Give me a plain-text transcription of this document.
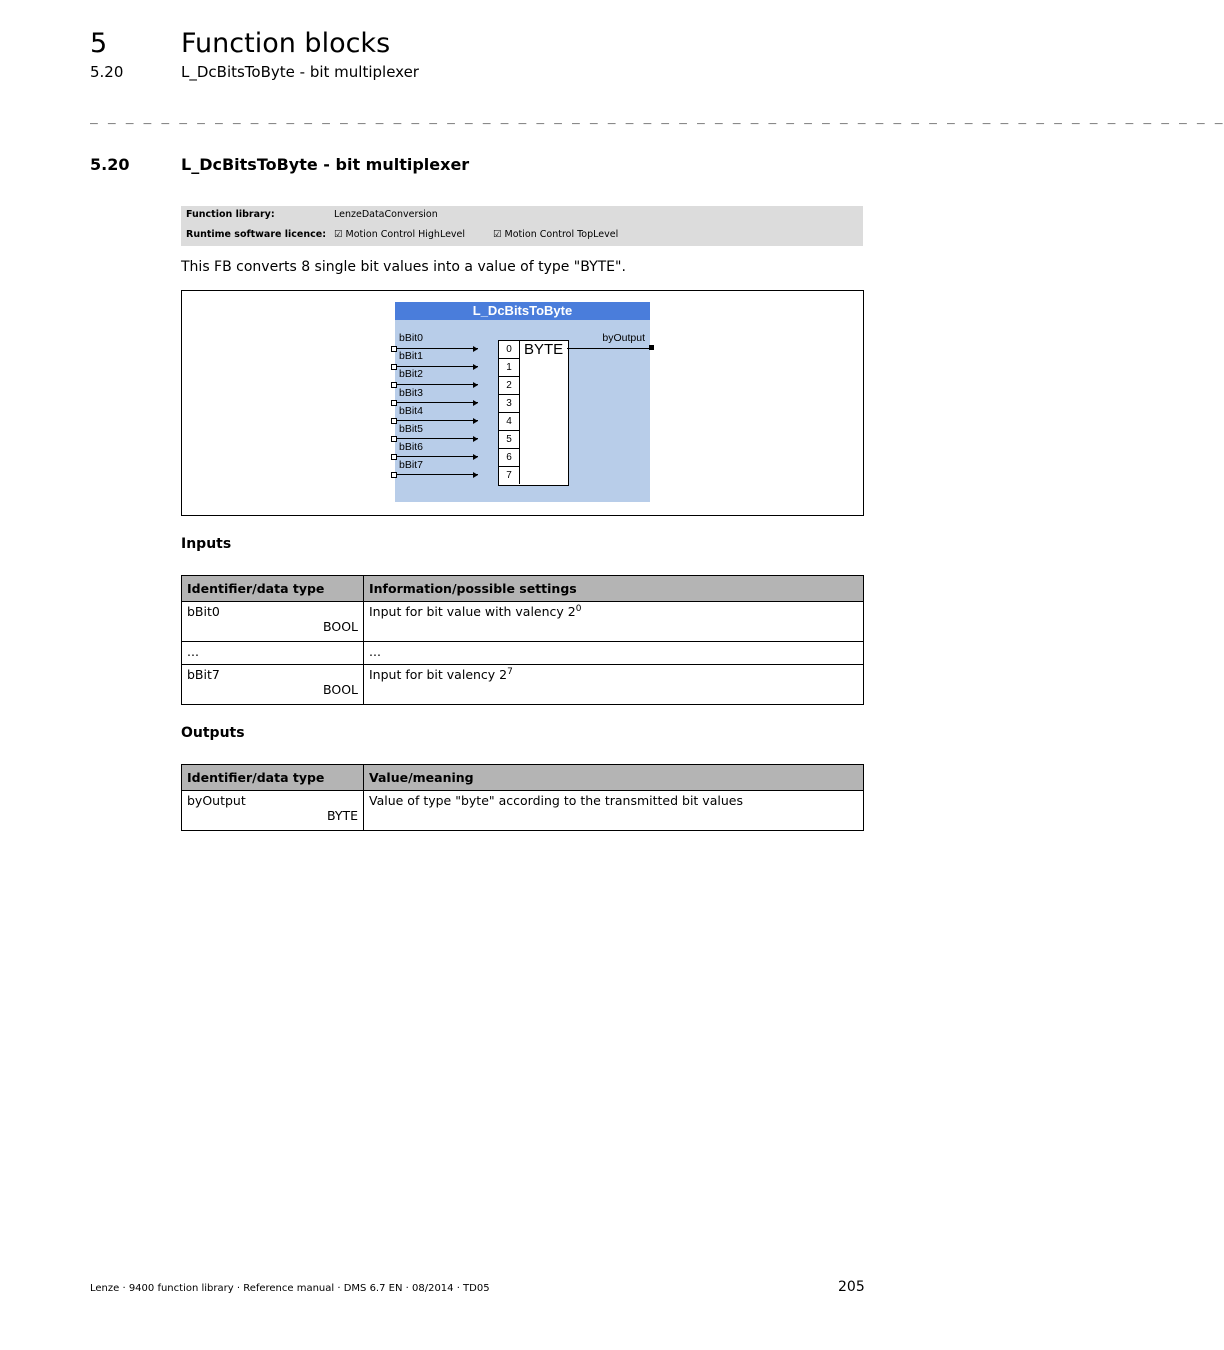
5	Function blocks
5.20	L_DcBitsToByte - bit multiplexer
_ _ _ _ _ _ _ _ _ _ _ _ _ _ _ _ _ _ _ _ _ _ _ _ _ _ _ _ _ _ _ _ _ _ _ _ _ _ _ _ _ _ _ _ _ _ _ _ _ _ _ _ _ _ _ _ _ _ _ _ _ _ _ _
5.20	L_DcBitsToByte - bit multiplexer
Function library:	LenzeDataConversion
Runtime software licence: ☑ Motion Control HighLevel	☑ Motion Control TopLevel
This FB converts 8 single bit values into a value of type "BYTE".
L_DcBitsToByte
BYTE
0
1
2
3
4
5
6
7
bBit0
bBit1
bBit2
bBit3
bBit4
bBit5
bBit6
bBit7
byOutput
Inputs
Identifier/data type	Information/possible settings

bBit0
BOOL	Input for bit value with valency $2^0$

...	...

bBit7
BOOL	Input for bit valency $2^7$
Outputs
Identifier/data type	Value/meaning

byOutput
BYTE	Value of type "byte" according to the transmitted bit values
Lenze · 9400 function library · Reference manual · DMS 6.7 EN · 08/2014 · TD05	205
